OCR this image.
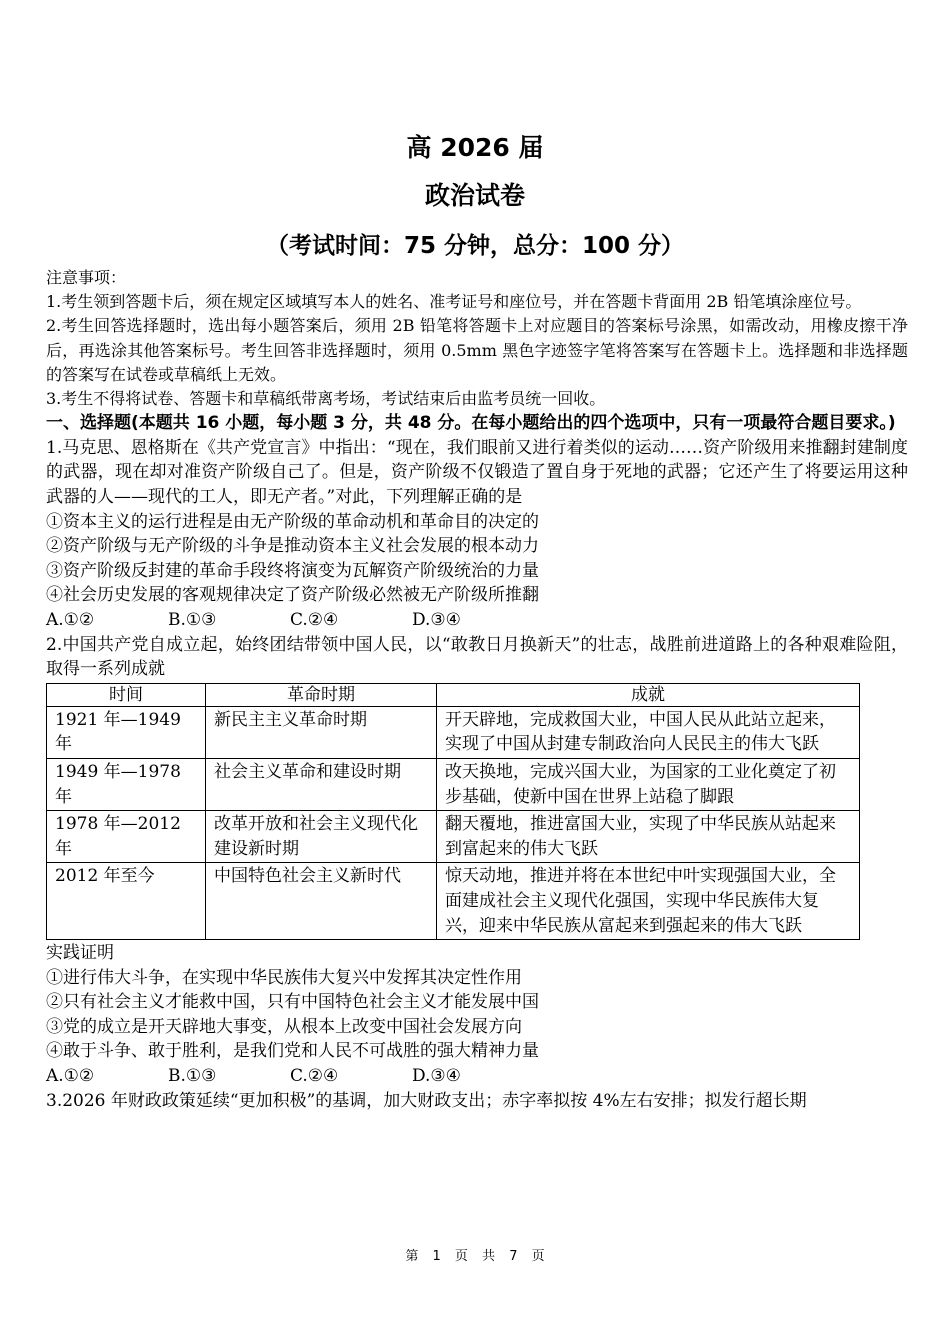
高 2026 届
政治试卷
（考试时间：75 分钟，总分：100 分）

注意事项：

1.考生领到答题卡后，须在规定区域填写本人的姓名、准考证号和座位号，并在答题卡背面用 2B 铅笔填涂座位号。

2.考生回答选择题时，选出每小题答案后，须用 2B 铅笔将答题卡上对应题目的答案标号涂黑，如需改动，用橡皮擦干净后，再选涂其他答案标号。考生回答非选择题时，须用 0.5mm 黑色字迹签字笔将答案写在答题卡上。选择题和非选择题的答案写在试卷或草稿纸上无效。

3.考生不得将试卷、答题卡和草稿纸带离考场，考试结束后由监考员统一回收。

一、选择题(本题共 16 小题，每小题 3 分，共 48 分。在每小题给出的四个选项中，只有一项最符合题目要求。)

1.马克思、恩格斯在《共产党宣言》中指出：“现在，我们眼前又进行着类似的运动……资产阶级用来推翻封建制度的武器，现在却对准资产阶级自己了。但是，资产阶级不仅锻造了置自身于死地的武器；它还产生了将要运用这种武器的人——现代的工人，即无产者。”对此，下列理解正确的是

①资本主义的运行进程是由无产阶级的革命动机和革命目的决定的

②资产阶级与无产阶级的斗争是推动资本主义社会发展的根本动力

③资产阶级反封建的革命手段终将演变为瓦解资产阶级统治的力量

④社会历史发展的客观规律决定了资产阶级必然被无产阶级所推翻

A.①②	B.①③	C.②④	D.③④

2.中国共产党自成立起，始终团结带领中国人民，以“敢教日月换新天”的壮志，战胜前进道路上的各种艰难险阻，取得一系列成就

时间	革命时期	成就
1921 年—1949 年	新民主主义革命时期	开天辟地，完成救国大业，中国人民从此站立起来，实现了中国从封建专制政治向人民民主的伟大飞跃
1949 年—1978 年	社会主义革命和建设时期	改天换地，完成兴国大业，为国家的工业化奠定了初步基础，使新中国在世界上站稳了脚跟
1978 年—2012 年	改革开放和社会主义现代化建设新时期	翻天覆地，推进富国大业，实现了中华民族从站起来到富起来的伟大飞跃
2012 年至今	中国特色社会主义新时代	惊天动地，推进并将在本世纪中叶实现强国大业，全面建成社会主义现代化强国，实现中华民族伟大复兴，迎来中华民族从富起来到强起来的伟大飞跃

实践证明

①进行伟大斗争，在实现中华民族伟大复兴中发挥其决定性作用

②只有社会主义才能救中国，只有中国特色社会主义才能发展中国

③党的成立是开天辟地大事变，从根本上改变中国社会发展方向

④敢于斗争、敢于胜利，是我们党和人民不可战胜的强大精神力量

A.①②	B.①③	C.②④	D.③④

3.2026 年财政政策延续“更加积极”的基调，加大财政支出；赤字率拟按 4%左右安排；拟发行超长期

第 1 页 共 7 页
